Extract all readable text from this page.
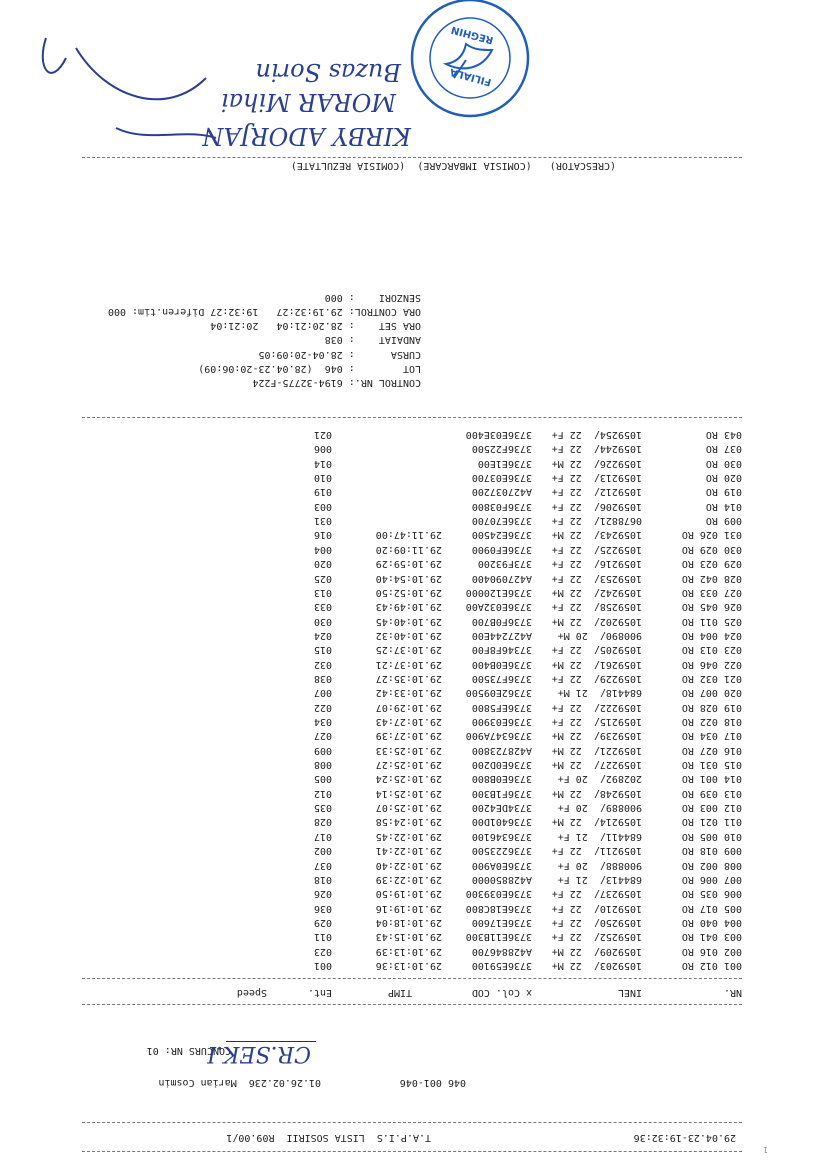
29.04.23-19:32:36
T.A.P.I.S  LISTA SOSIRII  R09.00/1
01.26.02.236  Marian Cosmin	046 001-046
CONCURS NR: 01
CR.SEK.I

NR.

INEL

x Col. COD

TIMP

Ent.

Speed

001 012 RO
1059203/  22 M+
3736E59100
29.10:13:36
001
002 016 RO
1059209/  22 M+
A428846700
29.10:13:39
023
003 041 RO
1059252/  22 F+
3736E11B300
29.10:15:43
011
004 040 RO
1059250/  22 F+
3736E17600
29.10:18:04
029
005 017 RO
1059210/  22 F+
3736E18C800
29.10:19:16
036
006 035 RO
1059237/  22 F+
3736E039300
29.10:19:50
026
007 006 RO
684413/  21 F+
A428850000
29.10:22:39
018
008 002 RO
900888/  20 F+
3736E0A900
29.10:22:40
037
009 018 RO
1059211/  22 F+
3736223500
29.10:22:41
002
010 005 RO
684411/  21 F+
3736346100
29.10:22:45
017
011 021 RO
1059214/  22 M+
3736401D00
29.10:24:58
028
012 003 RO
900889/  20 F+
3734DE4200
29.10:25:07
035
013 039 RO
1059248/  22 M+
3736F1B300
29.10:25:14
012
014 001 RO
202892/  20 F+
3736E0B800
29.10:25:24
005
015 031 RO
1059227/  22 M+
3736E0D200
29.10:25:27
008
016 027 RO
1059221/  22 M+
A428723800
29.10:25:33
009
017 034 RO
1059239/  22 M+
3736347A900
29.10:27:39
027
018 022 RO
1059215/  22 F+
3736E03900
29.10:27:43
034
019 028 RO
1059222/  22 F+
3736EF5800
29.10:29:07
022
020 007 RO
684418/  21 M+
37362E09500
29.10:33:42
007
021 032 RO
1059229/  22 F+
3736F73500
29.10:35:27
038
022 046 RO
1059261/  22 M+
3736E0B400
29.10:37:21
032
023 013 RO
1059205/  22 F+
37346F8F00
29.10:37:25
015
024 004 RO
900890/  20 M+
A427244E00
29.10:40:32
024
025 011 RO
1059202/  22 M+
3736F0B700
29.10:40:45
030
026 045 RO
1059258/  22 F+
3736E032A00
29.10:49:43
033
027 033 RO
1059242/  22 M+
3736E120000
29.10:52:50
013
028 042 RO
1059253/  22 F+
A427090400
29.10:54:40
025
029 023 RO
1059216/  22 F+
373F93200
29.10:59:29
020
030 029 RO
1059225/  22 F+
3736EF0900
29.11:09:20
004
031 026 RO
1059243/  22 M+
3736E24500
29.11:47:00
016
009 RO
0678821/  22 F+
3736E70700
031
014 RO
1059206/  22 F+
3736F03800
003
019 RO
1059212/  22 F+
A427037200
019
020 RO
1059213/  22 F+
3736E03700
010
030 RO
1059226/  22 M+
3736E1E00
014
037 RO
1059244/  22 F+
3736F22500
006
043 RO
1059254/  22 F+
3736E03E400
021
CONTROL NR.: 6194-32775-F224
LOT        : 046  (28.04.23-20:06:09)
CURSA      : 28.04-20:09:05
ANDAIAT    : 038
ORA SET    : 28.20:21:04   20:21:04
ORA CONTROL: 29.19:32:27   19:32:27 Diferen.tim: 000
SENZORI    : 000
(CRESCATOR)   (COMISIA IMBARCARE)  (COMISIA REZULTATE)
KIRBY ADORJAN
MORAR Mihai
Buzas Sorin	FILIALA
REGHIN
1
